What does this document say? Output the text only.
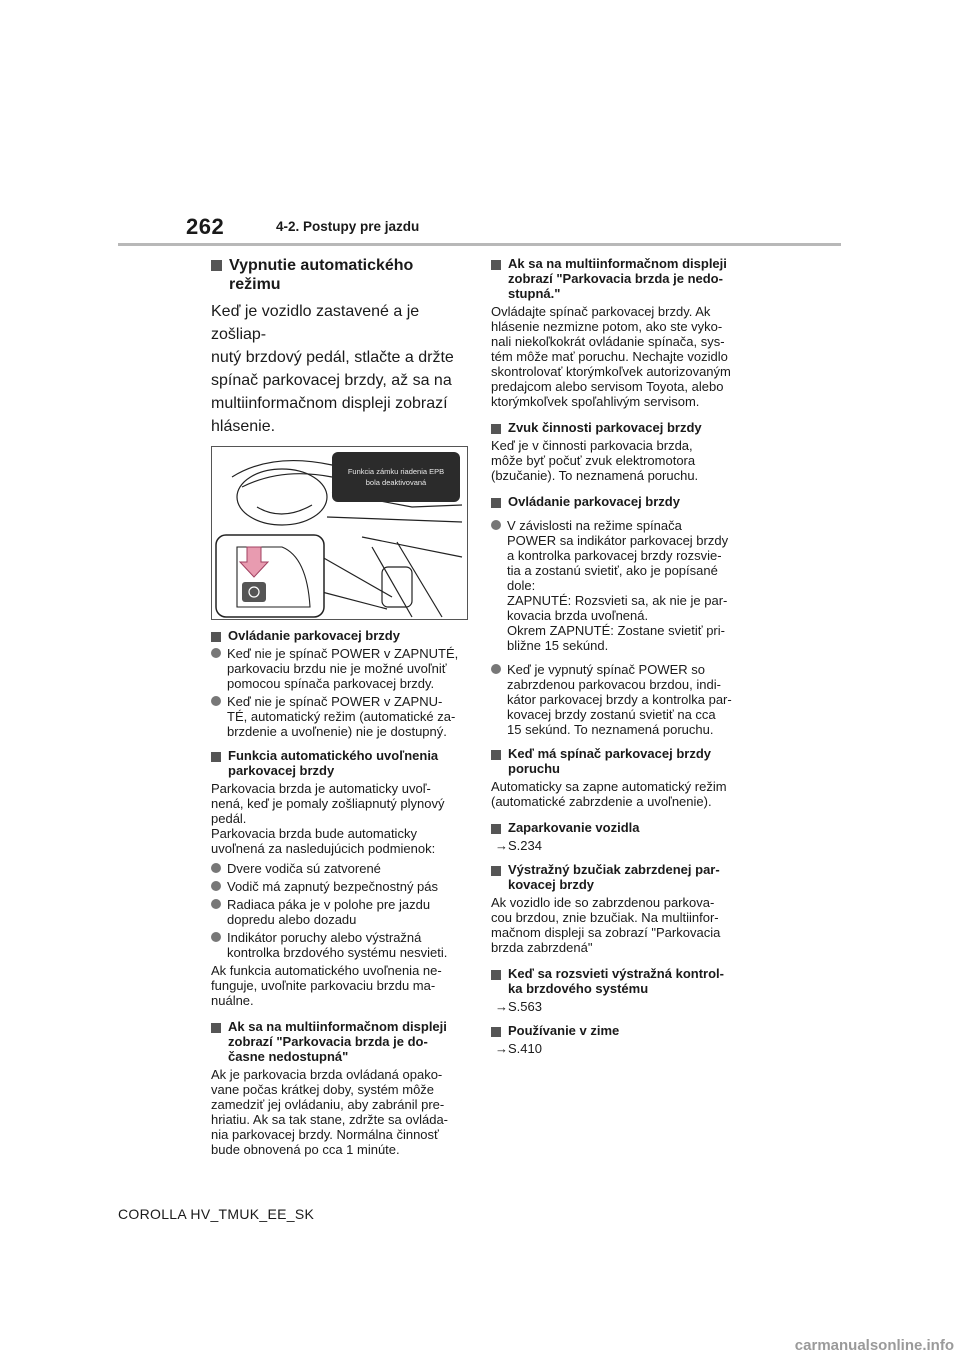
262	4-2. Postupy pre jazdu
Vypnutie automatického režimu
Keď je vozidlo zastavené a je zošliap-
nutý brzdový pedál, stlačte a držte
spínač parkovacej brzdy, až sa na
multiinformačnom displeji zobrazí
hlásenie.
Funkcia zámku riadenia EPB
bola deaktivovaná
Ovládanie parkovacej brzdy
Keď nie je spínač POWER v ZAPNUTÉ,
parkovaciu brzdu nie je možné uvoľniť
pomocou spínača parkovacej brzdy.
Keď nie je spínač POWER v ZAPNU-
TÉ, automatický režim (automatické za-
brzdenie a uvoľnenie) nie je dostupný.
Funkcia automatického uvoľnenia
parkovacej brzdy
Parkovacia brzda je automaticky uvoľ-
nená, keď je pomaly zošliapnutý plynový
pedál.
Parkovacia brzda bude automaticky
uvoľnená za nasledujúcich podmienok:
Dvere vodiča sú zatvorené
Vodič má zapnutý bezpečnostný pás
Radiaca páka je v polohe pre jazdu
dopredu alebo dozadu
Indikátor poruchy alebo výstražná
kontrolka brzdového systému nesvieti.
Ak funkcia automatického uvoľnenia ne-
funguje, uvoľnite parkovaciu brzdu ma-
nuálne.
Ak sa na multiinformačnom displeji
zobrazí "Parkovacia brzda je do-
časne nedostupná"
Ak je parkovacia brzda ovládaná opako-
vane počas krátkej doby, systém môže
zamedziť jej ovládaniu, aby zabránil pre-
hriatiu. Ak sa tak stane, zdržte sa ovláda-
nia parkovacej brzdy. Normálna činnosť
bude obnovená po cca 1 minúte.
Ak sa na multiinformačnom displeji
zobrazí "Parkovacia brzda je nedo-
stupná."
Ovládajte spínač parkovacej brzdy. Ak
hlásenie nezmizne potom, ako ste vyko-
nali niekoľkokrát ovládanie spínača, sys-
tém môže mať poruchu. Nechajte vozidlo
skontrolovať ktorýmkoľvek autorizovaným
predajcom alebo servisom Toyota, alebo
ktorýmkoľvek spoľahlivým servisom.
Zvuk činnosti parkovacej brzdy
Keď je v činnosti parkovacia brzda,
môže byť počuť zvuk elektromotora
(bzučanie). To neznamená poruchu.
Ovládanie parkovacej brzdy
V závislosti na režime spínača
POWER sa indikátor parkovacej brzdy
a kontrolka parkovacej brzdy rozsvie-
tia a zostanú svietiť, ako je popísané
dole:
ZAPNUTÉ: Rozsvieti sa, ak nie je par-
kovacia brzda uvoľnená.
Okrem ZAPNUTÉ: Zostane svietiť pri-
bližne 15 sekúnd.
Keď je vypnutý spínač POWER so
zabrzdenou parkovacou brzdou, indi-
kátor parkovacej brzdy a kontrolka par-
kovacej brzdy zostanú svietiť na cca
15 sekúnd. To neznamená poruchu.
Keď má spínač parkovacej brzdy
poruchu
Automaticky sa zapne automatický režim
(automatické zabrzdenie a uvoľnenie).
Zaparkovanie vozidla
→S.234
Výstražný bzučiak zabrzdenej par-
kovacej brzdy
Ak vozidlo ide so zabrzdenou parkova-
cou brzdou, znie bzučiak. Na multiinfor-
mačnom displeji sa zobrazí "Parkovacia
brzda zabrzdená"
Keď sa rozsvieti výstražná kontrol-
ka brzdového systému
→S.563
Používanie v zime
→S.410
COROLLA HV_TMUK_EE_SK
carmanualsonline.info
